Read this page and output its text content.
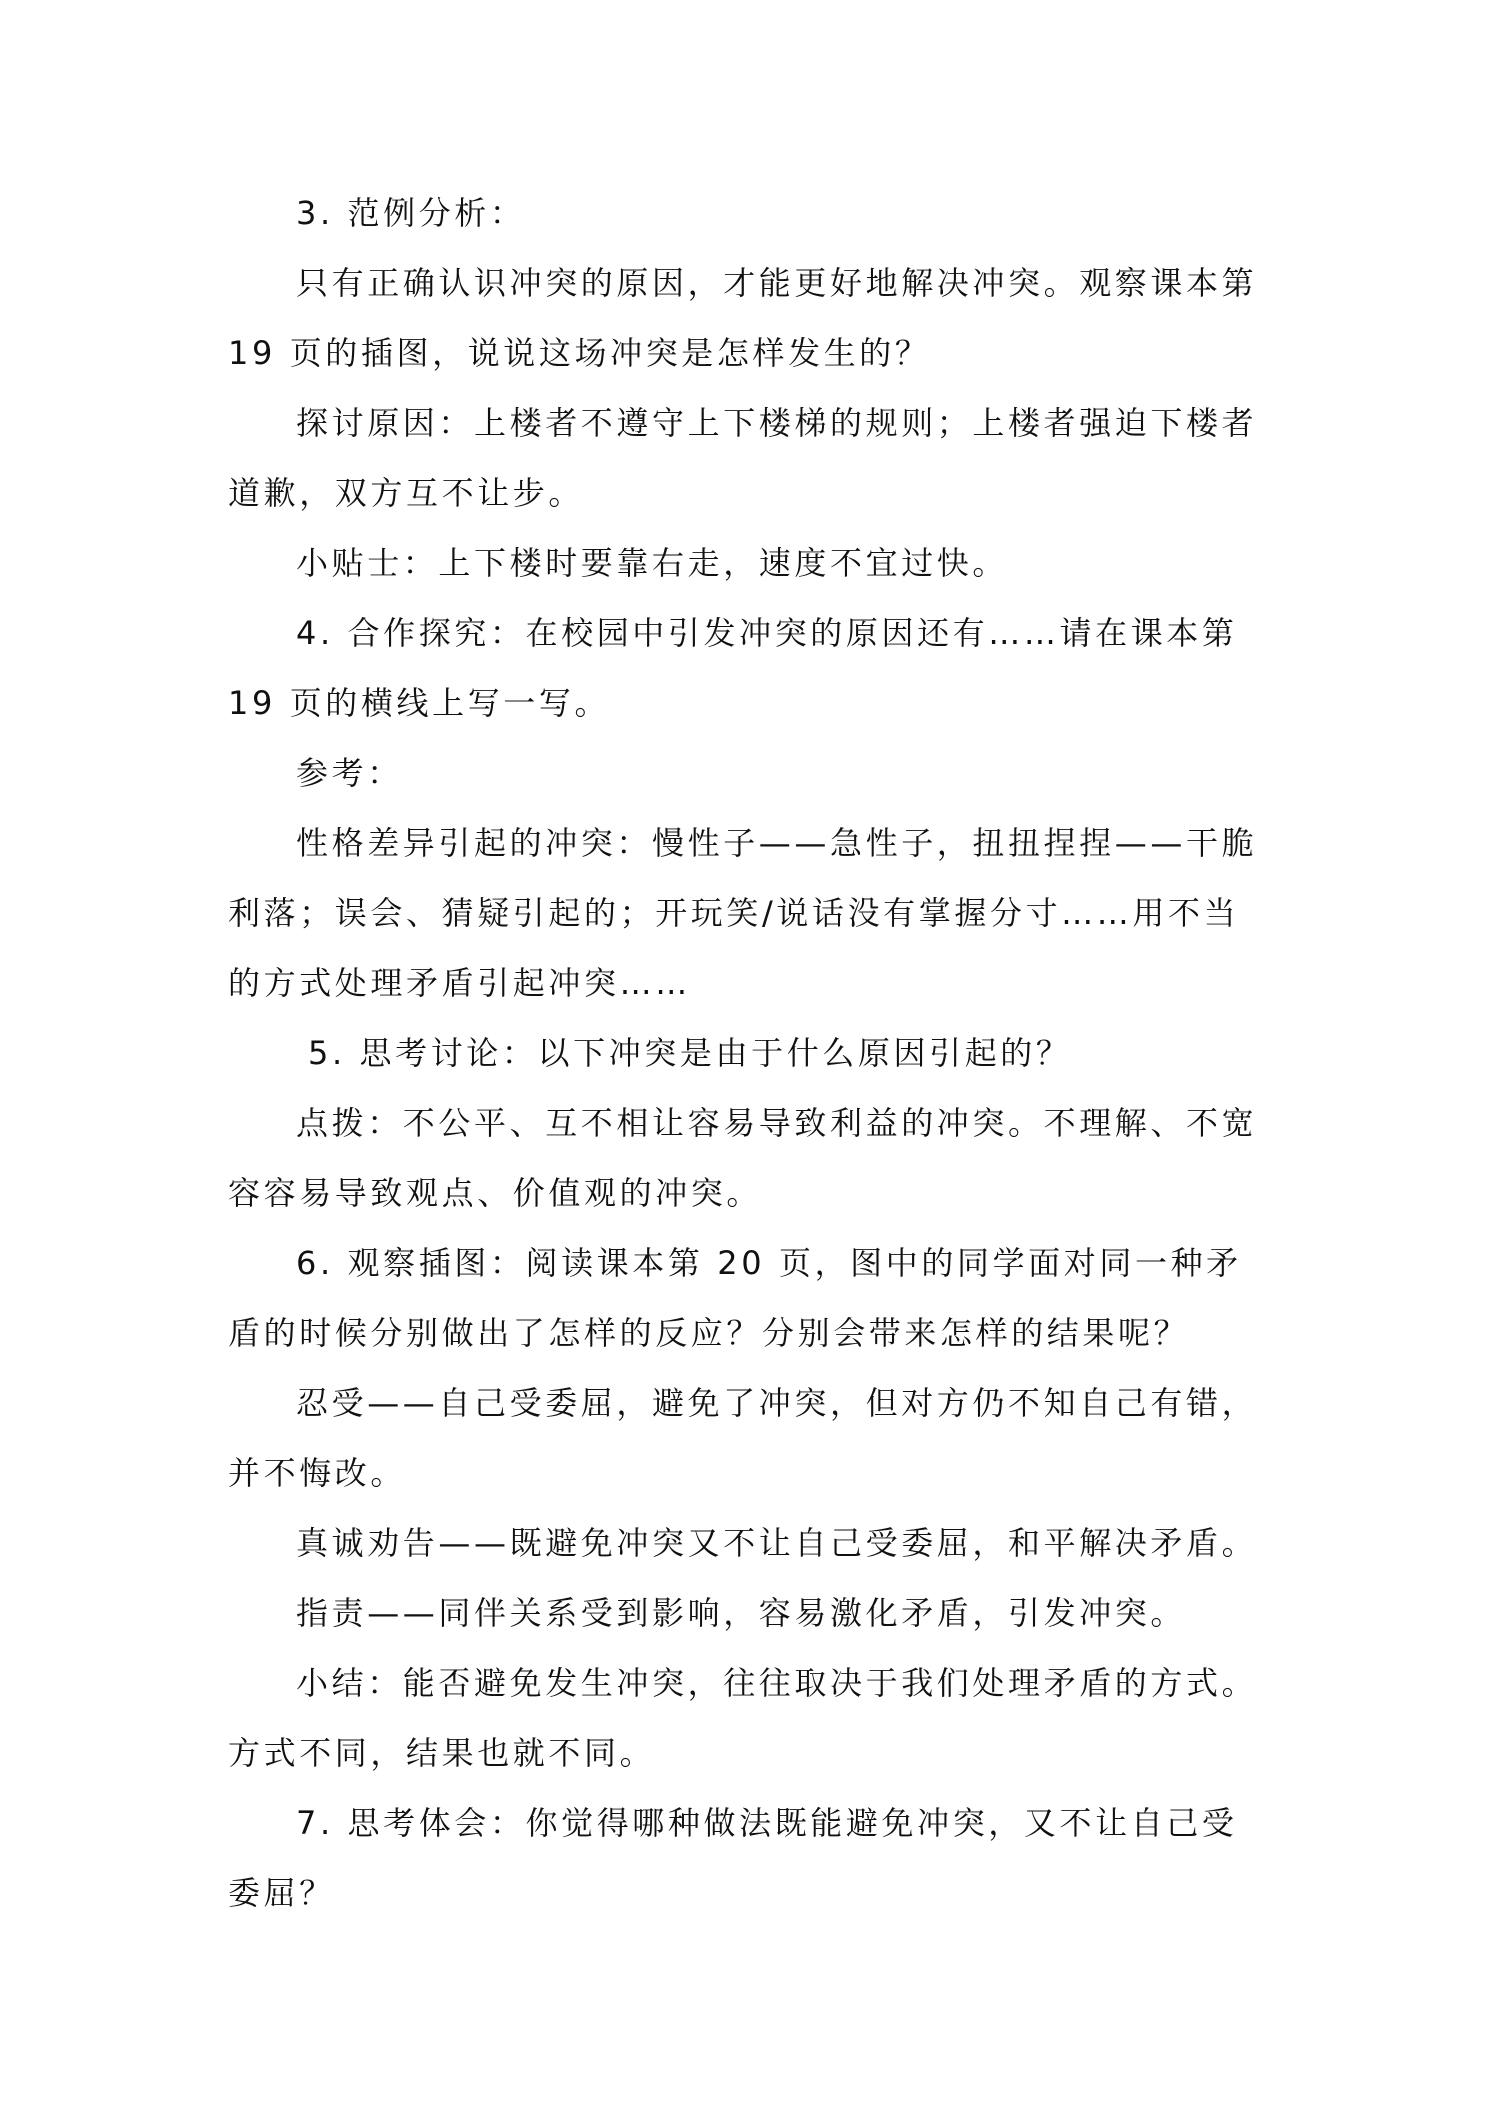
3. 范例分析：

只有正确认识冲突的原因，才能更好地解决冲突。观察课本第 19 页的插图，说说这场冲突是怎样发生的？

探讨原因：上楼者不遵守上下楼梯的规则；上楼者强迫下楼者道歉，双方互不让步。

小贴士：上下楼时要靠右走，速度不宜过快。

4. 合作探究：在校园中引发冲突的原因还有……请在课本第 19 页的横线上写一写。

参考：

性格差异引起的冲突：慢性子——急性子，扭扭捏捏——干脆利落；误会、猜疑引起的；开玩笑/说话没有掌握分寸……用不当的方式处理矛盾引起冲突……

5. 思考讨论：以下冲突是由于什么原因引起的？

点拨：不公平、互不相让容易导致利益的冲突。不理解、不宽容容易导致观点、价值观的冲突。

6. 观察插图：阅读课本第 20 页，图中的同学面对同一种矛盾的时候分别做出了怎样的反应？分别会带来怎样的结果呢？

忍受——自己受委屈，避免了冲突，但对方仍不知自己有错，并不悔改。

真诚劝告——既避免冲突又不让自己受委屈，和平解决矛盾。

指责——同伴关系受到影响，容易激化矛盾，引发冲突。

小结：能否避免发生冲突，往往取决于我们处理矛盾的方式。方式不同，结果也就不同。

7. 思考体会：你觉得哪种做法既能避免冲突，又不让自己受委屈？
